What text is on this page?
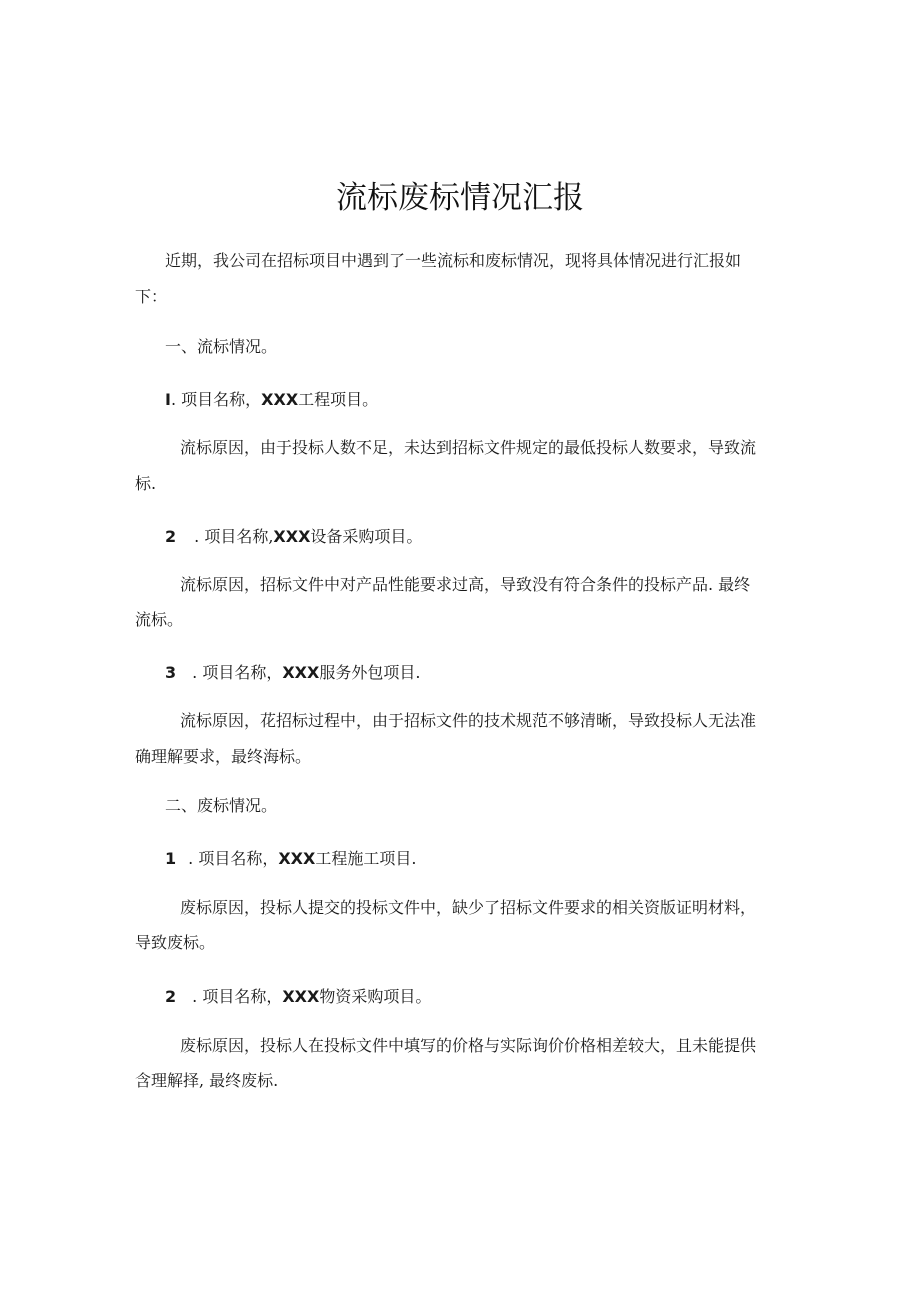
流标废标情况汇报
近期，我公司在招标项目中遇到了一些流标和废标情况，现将具体情况进行汇报如
下：
一、流标情况。
I. 项目名称，XXX工程项目。
流标原因，由于投标人数不足，未达到招标文件规定的最低投标人数要求，导致流
标.
2 . 项目名称,XXX设备采购项目。
流标原因，招标文件中对产品性能要求过高，导致没有符合条件的投标产品. 最终
流标。
3 . 项目名称，XXX服务外包项目.
流标原因，花招标过程中，由于招标文件的技术规范不够清晰，导致投标人无法准
确理解要求，最终海标。
二、废标情况。
1 . 项目名称，XXX工程施工项目.
废标原因，投标人提交的投标文件中，缺少了招标文件要求的相关资版证明材料，
导致废标。
2 . 项目名称，XXX物资采购项目。
废标原因，投标人在投标文件中填写的价格与实际询价价格相差较大，且未能提供
含理解择, 最终废标.
